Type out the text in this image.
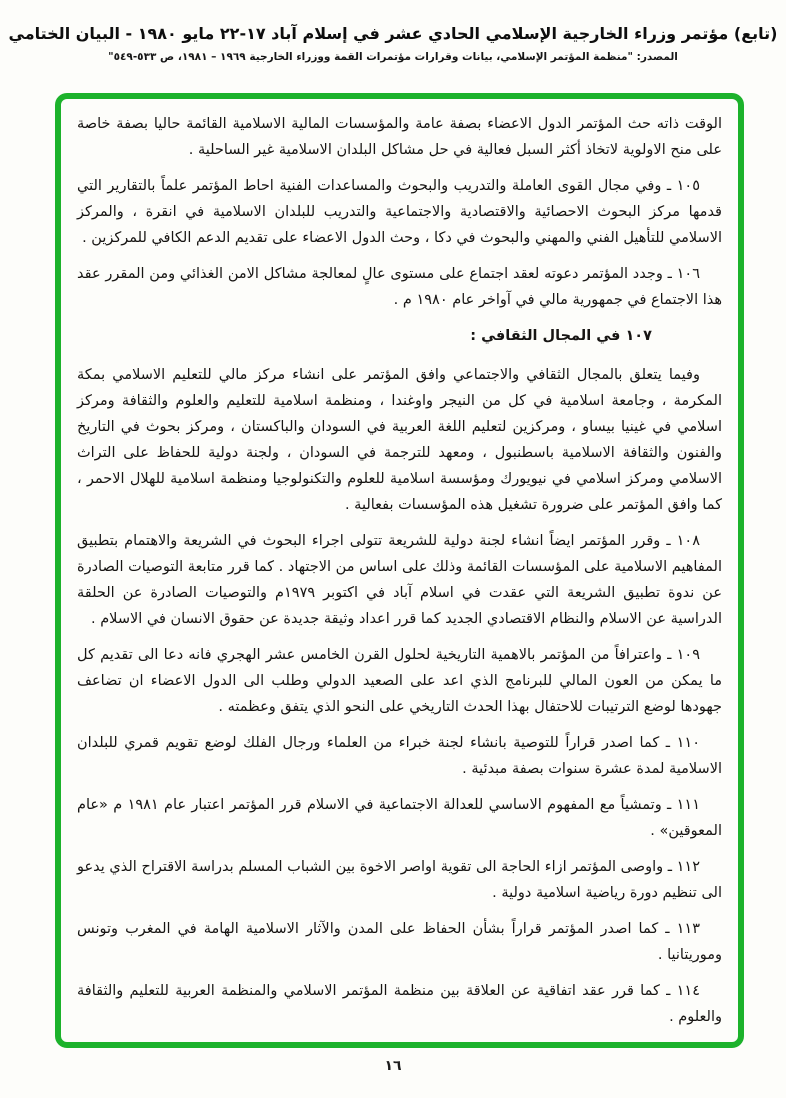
(تابع) مؤتمر وزراء الخارجية الإسلامي الحادي عشر في إسلام آباد ١٧-٢٢ مايو ١٩٨٠ - البيان الختامي
المصدر: "منظمة المؤتمر الإسلامي، بيانات وقرارات مؤتمرات القمة ووزراء الخارجية ١٩٦٩ – ١٩٨١، ص ٥٣٣-٥٤٩"

الوقت ذاته حث المؤتمر الدول الاعضاء بصفة عامة والمؤسسات المالية الاسلامية القائمة حاليا بصفة خاصة على منح الاولوية لاتخاذ أكثر السبل فعالية في حل مشاكل البلدان الاسلامية غير الساحلية .

١٠٥ ـ وفي مجال القوى العاملة والتدريب والبحوث والمساعدات الفنية احاط المؤتمر علماً بالتقارير التي قدمها مركز البحوث الاحصائية والاقتصادية والاجتماعية والتدريب للبلدان الاسلامية في انقرة ، والمركز الاسلامي للتأهيل الفني والمهني والبحوث في دكا ، وحث الدول الاعضاء على تقديم الدعم الكافي للمركزين .

١٠٦ ـ وجدد المؤتمر دعوته لعقد اجتماع على مستوى عالٍ لمعالجة مشاكل الامن الغذائي ومن المقرر عقد هذا الاجتماع في جمهورية مالي في آواخر عام ١٩٨٠ م .

١٠٧ في المجال الثقافي :

وفيما يتعلق بالمجال الثقافي والاجتماعي وافق المؤتمر على انشاء مركز مالي للتعليم الاسلامي بمكة المكرمة ، وجامعة اسلامية في كل من النيجر واوغندا ، ومنظمة اسلامية للتعليم والعلوم والثقافة ومركز اسلامي في غينيا بيساو ، ومركزين لتعليم اللغة العربية في السودان والباكستان ، ومركز بحوث في التاريخ والفنون والثقافة الاسلامية باسطنبول ، ومعهد للترجمة في السودان ، ولجنة دولية للحفاظ على التراث الاسلامي ومركز اسلامي في نيويورك ومؤسسة اسلامية للعلوم والتكنولوجيا ومنظمة اسلامية للهلال الاحمر ، كما وافق المؤتمر على ضرورة تشغيل هذه المؤسسات بفعالية .

١٠٨ ـ وقرر المؤتمر ايضاً انشاء لجنة دولية للشريعة تتولى اجراء البحوث في الشريعة والاهتمام بتطبيق المفاهيم الاسلامية على المؤسسات القائمة وذلك على اساس من الاجتهاد . كما قرر متابعة التوصيات الصادرة عن ندوة تطبيق الشريعة التي عقدت في اسلام آباد في اكتوبر ١٩٧٩م والتوصيات الصادرة عن الحلقة الدراسية عن الاسلام والنظام الاقتصادي الجديد كما قرر اعداد وثيقة جديدة عن حقوق الانسان في الاسلام .

١٠٩ ـ واعترافاً من المؤتمر بالاهمية التاريخية لحلول القرن الخامس عشر الهجري فانه دعا الى تقديم كل ما يمكن من العون المالي للبرنامج الذي اعد على الصعيد الدولي وطلب الى الدول الاعضاء ان تضاعف جهودها لوضع الترتيبات للاحتفال بهذا الحدث التاريخي على النحو الذي يتفق وعظمته .

١١٠ ـ كما اصدر قراراً للتوصية بانشاء لجنة خبراء من العلماء ورجال الفلك لوضع تقويم قمري للبلدان الاسلامية لمدة عشرة سنوات بصفة مبدئية .

١١١ ـ وتمشياً مع المفهوم الاساسي للعدالة الاجتماعية في الاسلام قرر المؤتمر اعتبار عام ١٩٨١ م «عام المعوقين» .

١١٢ ـ واوصى المؤتمر ازاء الحاجة الى تقوية اواصر الاخوة بين الشباب المسلم بدراسة الاقتراح الذي يدعو الى تنظيم دورة رياضية اسلامية دولية .

١١٣ ـ كما اصدر المؤتمر قراراً بشأن الحفاظ على المدن والآثار الاسلامية الهامة في المغرب وتونس وموريتانيا .

١١٤ ـ كما قرر عقد اتفاقية عن العلاقة بين منظمة المؤتمر الاسلامي والمنظمة العربية للتعليم والثقافة والعلوم .

١٦
